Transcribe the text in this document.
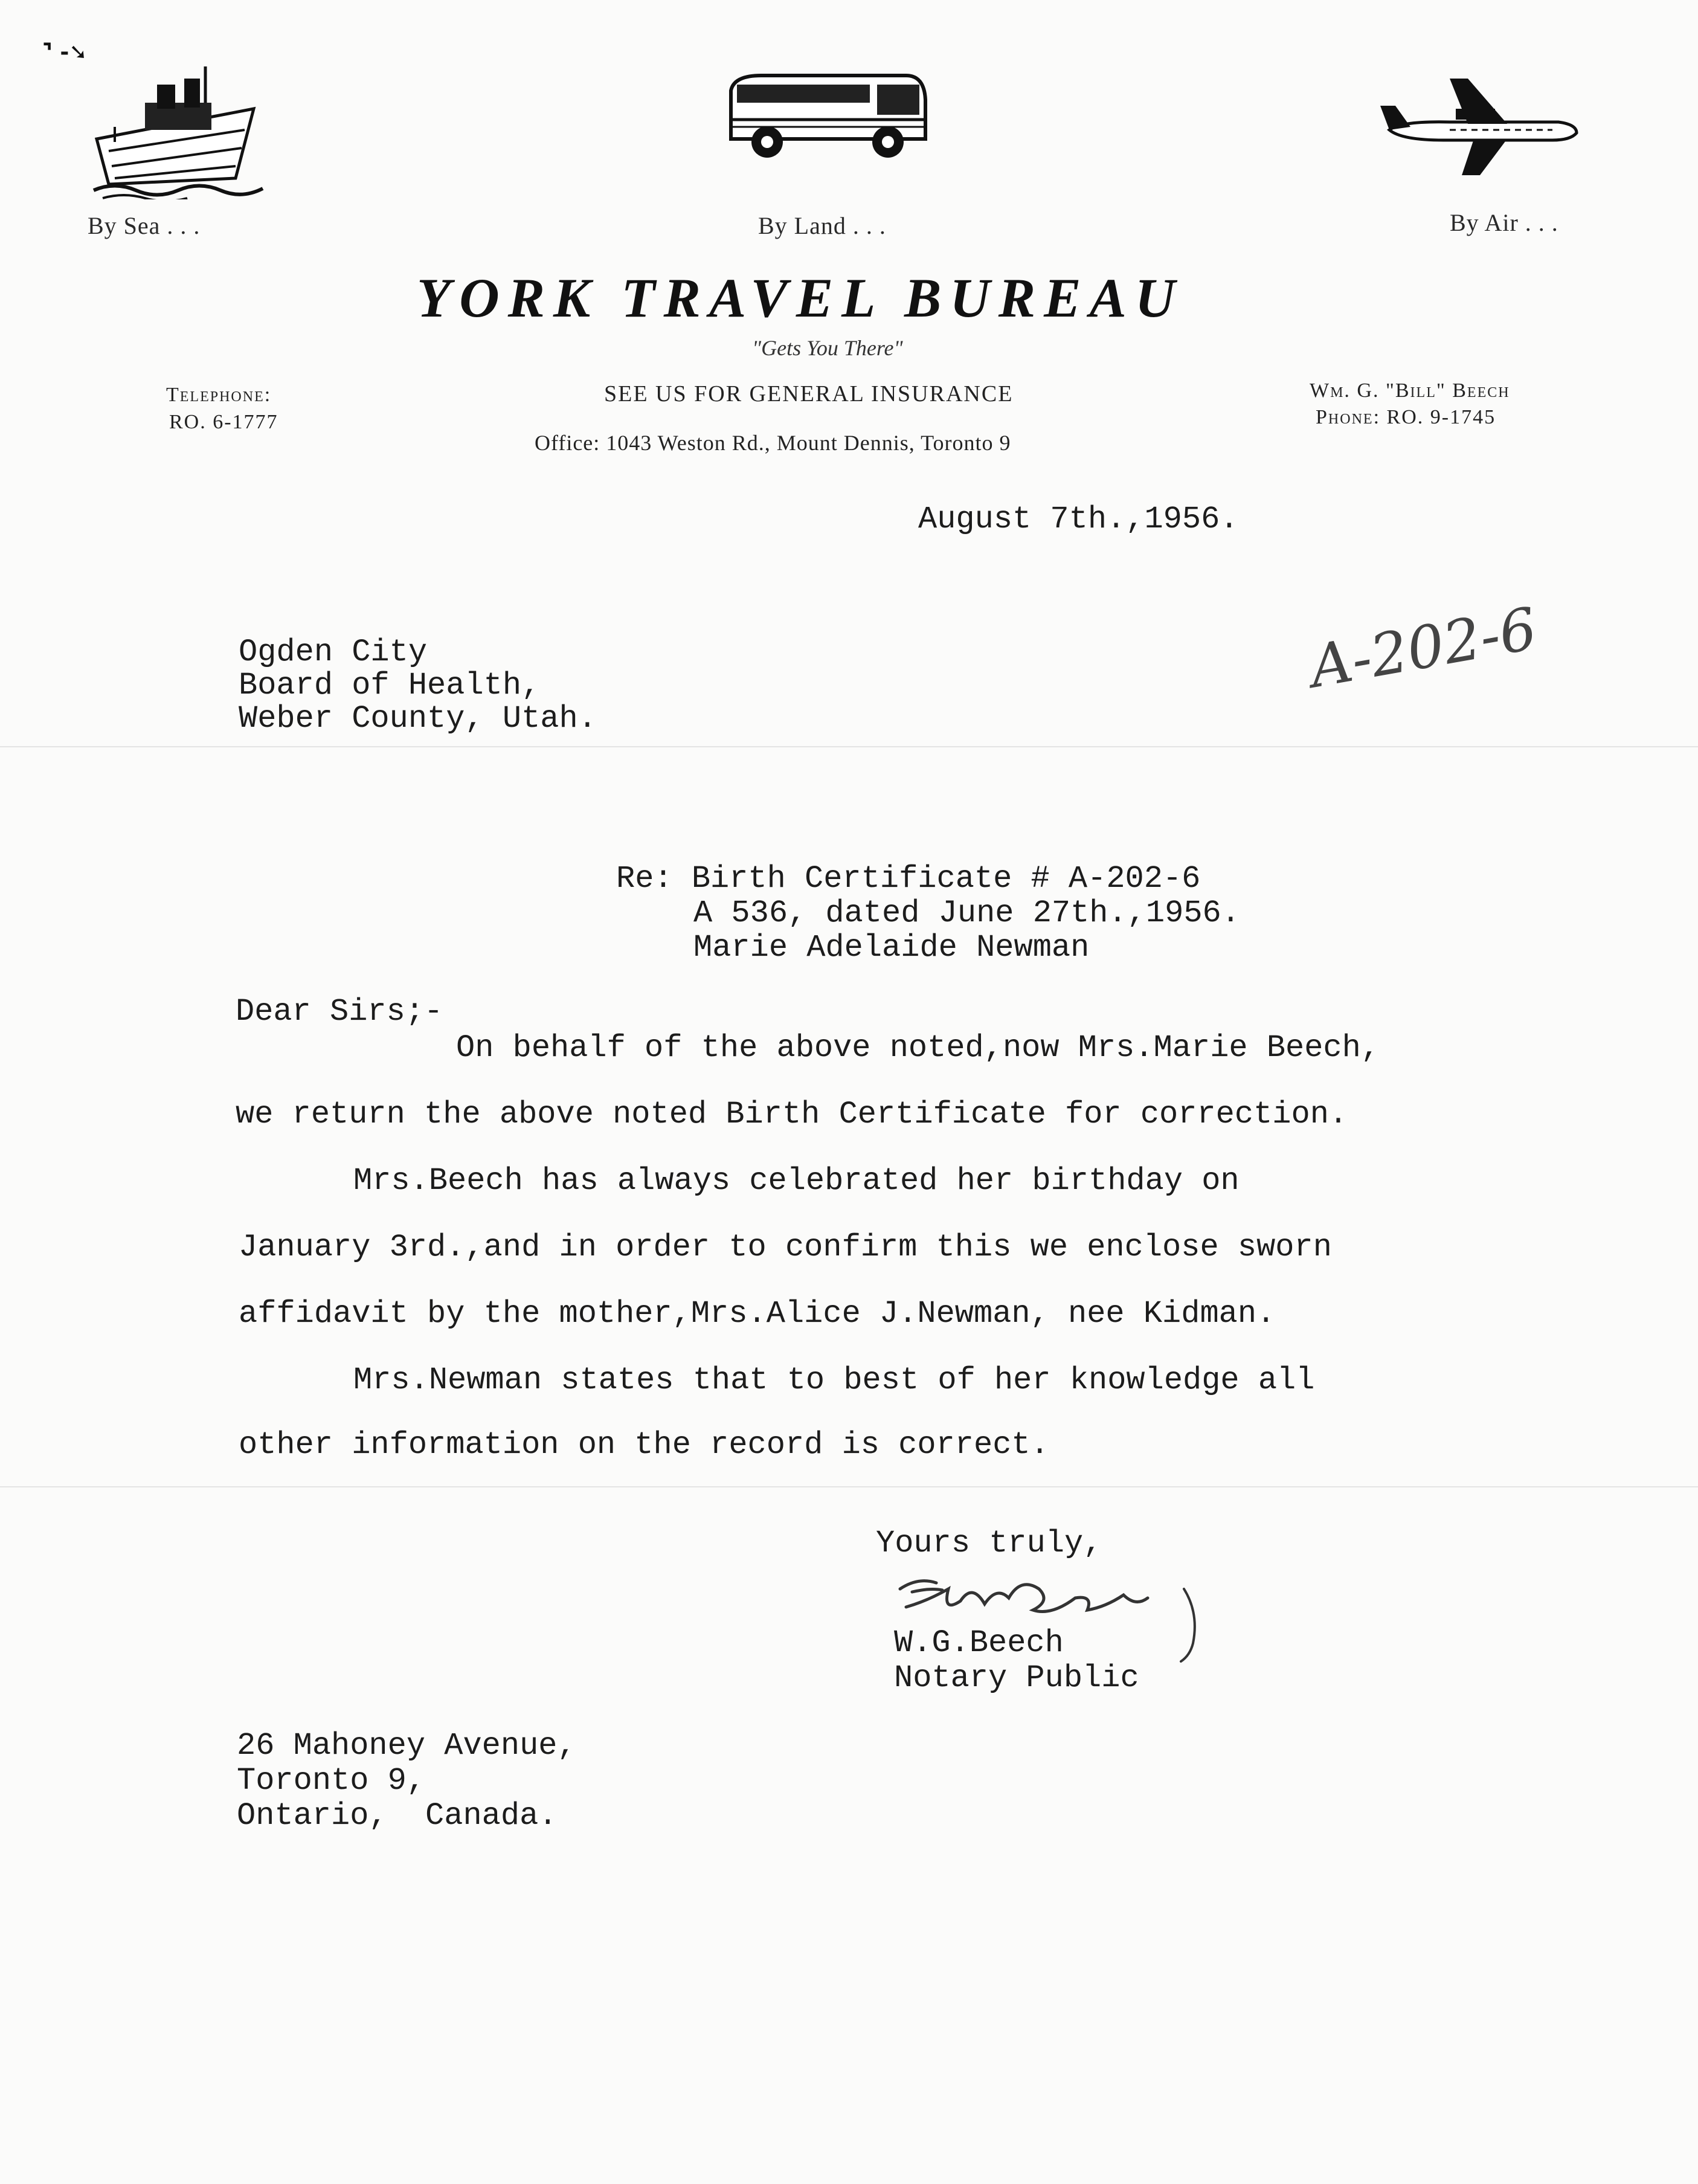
⌝ -➘
By Sea . . .	By Land . . .	By Air . . .
YORK TRAVEL BUREAU
"Gets You There"
Telephone:
RO. 6-1777
SEE US FOR GENERAL INSURANCE
Office: 1043 Weston Rd., Mount Dennis, Toronto 9
Wm. G. "Bill" Beech
Phone: RO. 9-1745
August 7th.,1956.
Ogden City
Board of Health,
Weber County, Utah.
A-202-6
Re: Birth Certificate # A-202-6
A 536, dated June 27th.,1956.
Marie Adelaide Newman
Dear Sirs;-
On behalf of the above noted,now Mrs.Marie Beech,
we return the above noted Birth Certificate for correction.
Mrs.Beech has always celebrated her birthday on
January 3rd.,and in order to confirm this we enclose sworn
affidavit by the mother,Mrs.Alice J.Newman, nee Kidman.
Mrs.Newman states that to best of her knowledge all
other information on the record is correct.
Yours truly,
W.G.Beech
Notary Public
26 Mahoney Avenue,
Toronto 9,
Ontario,  Canada.
